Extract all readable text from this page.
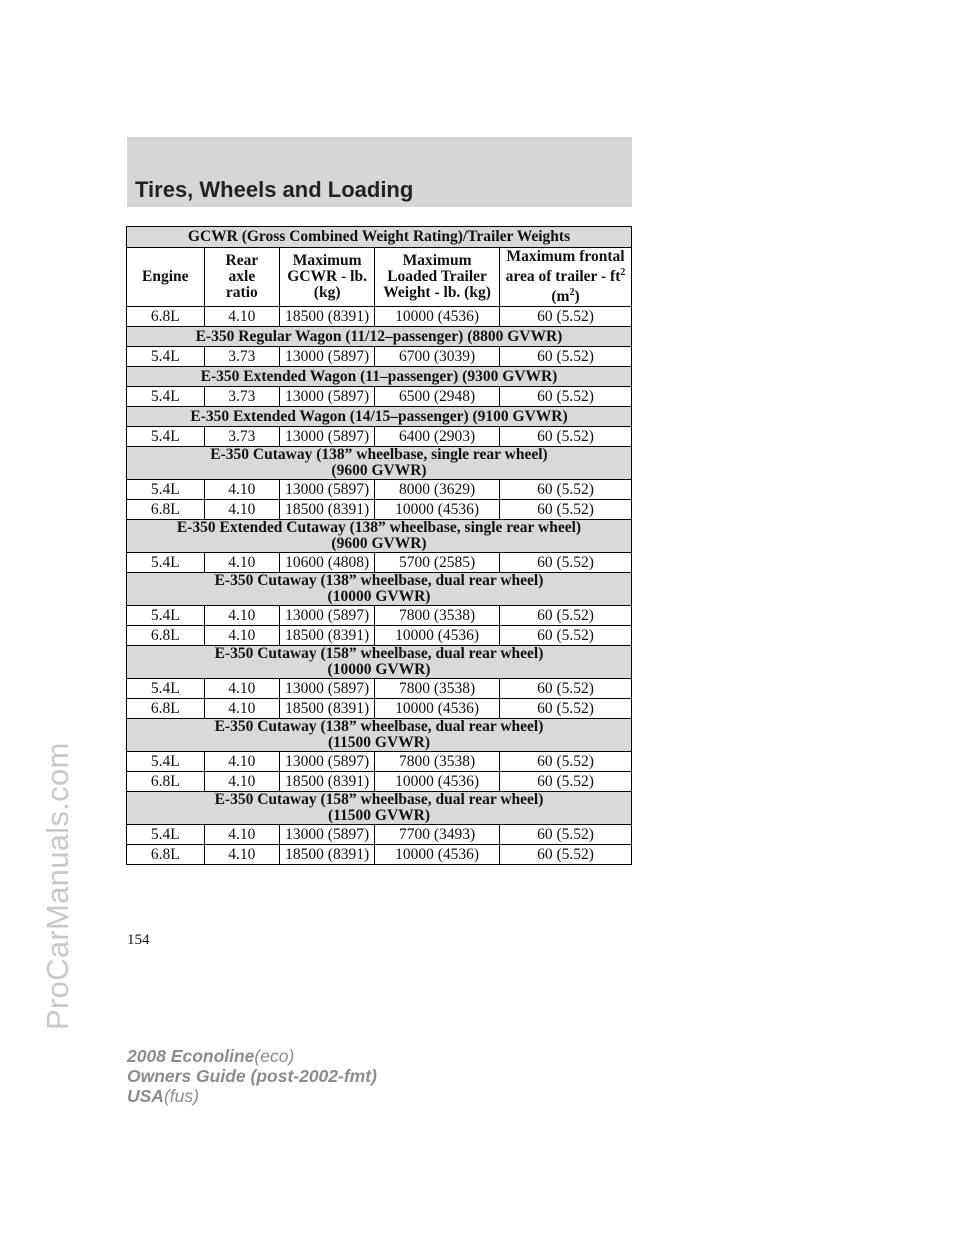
ProCarManuals.com
Tires, Wheels and Loading
GCWR (Gross Combined Weight Rating)/Trailer Weights				
Engine	Rear axle ratio	Maximum GCWR - lb. (kg)	Maximum Loaded Trailer Weight - lb. (kg)	Maximum frontal area of trailer - $ft^2$ $(m^2)$
6.8L	4.10	18500 (8391)	10000 (4536)	60 (5.52)

E-350 Regular Wagon (11/12–passenger) (8800 GVWR)				

5.4L	3.73	13000 (5897)	6700 (3039)	60 (5.52)

E-350 Extended Wagon (11–passenger) (9300 GVWR)				

5.4L	3.73	13000 (5897)	6500 (2948)	60 (5.52)

E-350 Extended Wagon (14/15–passenger) (9100 GVWR)				

5.4L	3.73	13000 (5897)	6400 (2903)	60 (5.52)

E-350 Cutaway (138” wheelbase, single rear wheel)
(9600 GVWR)				

5.4L	4.10	13000 (5897)	8000 (3629)	60 (5.52)
6.8L	4.10	18500 (8391)	10000 (4536)	60 (5.52)

E-350 Extended Cutaway (138” wheelbase, single rear wheel)
(9600 GVWR)				

5.4L	4.10	10600 (4808)	5700 (2585)	60 (5.52)

E-350 Cutaway (138” wheelbase, dual rear wheel)
(10000 GVWR)				

5.4L	4.10	13000 (5897)	7800 (3538)	60 (5.52)
6.8L	4.10	18500 (8391)	10000 (4536)	60 (5.52)

E-350 Cutaway (158” wheelbase, dual rear wheel)
(10000 GVWR)				

5.4L	4.10	13000 (5897)	7800 (3538)	60 (5.52)
6.8L	4.10	18500 (8391)	10000 (4536)	60 (5.52)

E-350 Cutaway (138” wheelbase, dual rear wheel)
(11500 GVWR)				

5.4L	4.10	13000 (5897)	7800 (3538)	60 (5.52)
6.8L	4.10	18500 (8391)	10000 (4536)	60 (5.52)

E-350 Cutaway (158” wheelbase, dual rear wheel)
(11500 GVWR)				

5.4L	4.10	13000 (5897)	7700 (3493)	60 (5.52)
6.8L	4.10	18500 (8391)	10000 (4536)	60 (5.52)
154
2008 Econoline(eco)
Owners Guide (post-2002-fmt)
USA(fus)
